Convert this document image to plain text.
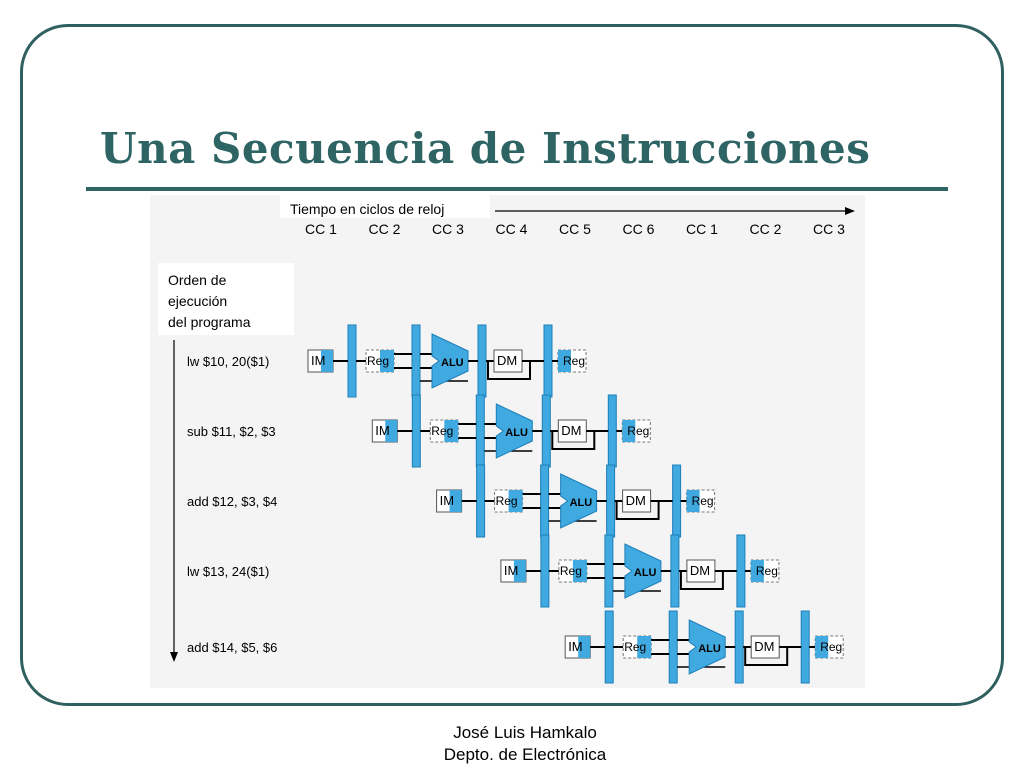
Una Secuencia de Instrucciones
Tiempo en ciclos de reloj
CC 1 CC 2 CC 3 CC 4 CC 5 CC 6 CC 1 CC 2 CC 3
Orden de
ejecución
del programa
lw $10, 20($1)
sub $11, $2, $3
add $12, $3, $4
lw $13, 24($1)
add $14, $5, $6
IM	Reg	ALU	DM	Reg
IM	Reg	ALU	DM	Reg
IM	Reg	ALU	DM	Reg
IM	Reg	ALU	DM	Reg
IM	Reg	ALU	DM	Reg
José Luis Hamkalo
Depto. de Electrónica
